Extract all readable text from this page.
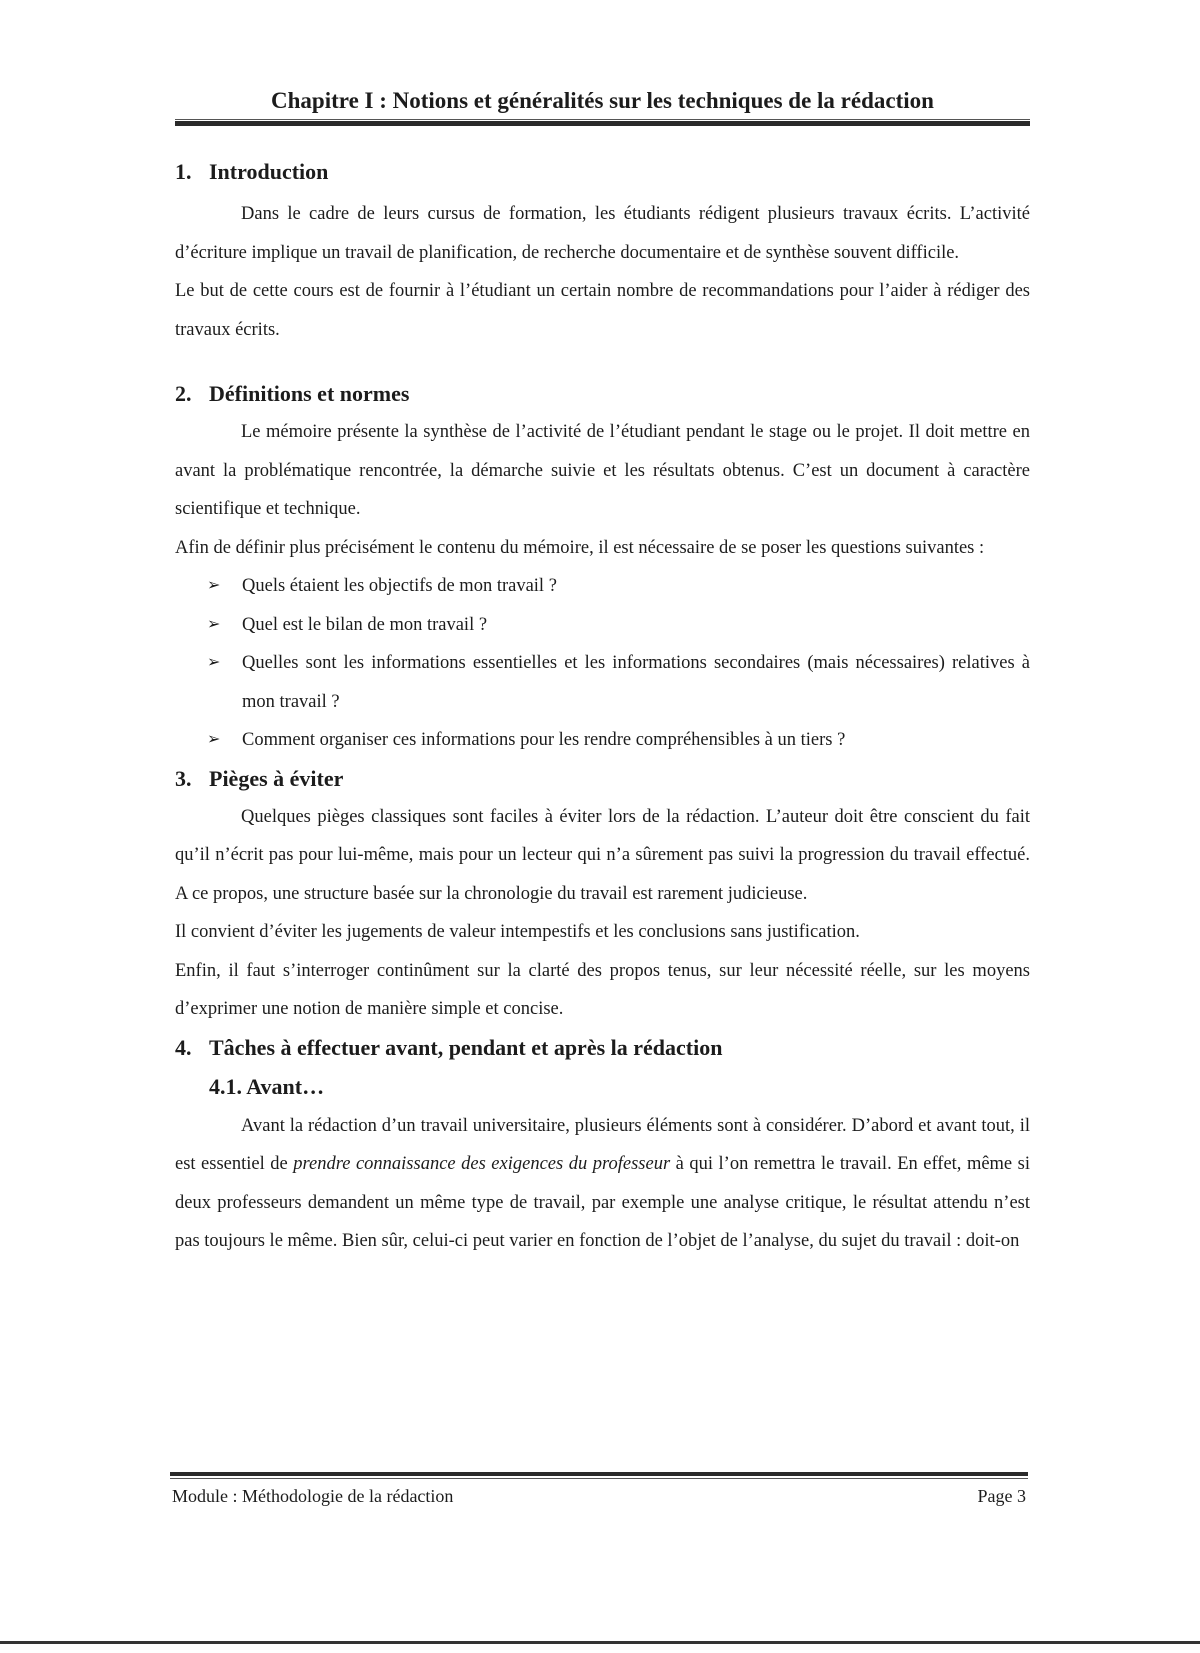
Chapitre I : Notions et généralités sur les techniques de la rédaction
1. Introduction

Dans le cadre de leurs cursus de formation, les étudiants rédigent plusieurs travaux écrits. L’activité d’écriture implique un travail de planification, de recherche documentaire et de synthèse souvent difficile.

Le but de cette cours est de fournir à l’étudiant un certain nombre de recommandations pour l’aider à rédiger des travaux écrits.

2. Définitions et normes

Le mémoire présente la synthèse de l’activité de l’étudiant pendant le stage ou le projet. Il doit mettre en avant la problématique rencontrée, la démarche suivie et les résultats obtenus. C’est un document à caractère scientifique et technique.

Afin de définir plus précisément le contenu du mémoire, il est nécessaire de se poser les questions suivantes :

➢ Quels étaient les objectifs de mon travail ?
➢ Quel est le bilan de mon travail ?
➢ Quelles sont les informations essentielles et les informations secondaires (mais nécessaires) relatives à mon travail ?
➢ Comment organiser ces informations pour les rendre compréhensibles à un tiers ?
3. Pièges à éviter

Quelques pièges classiques sont faciles à éviter lors de la rédaction. L’auteur doit être conscient du fait qu’il n’écrit pas pour lui-même, mais pour un lecteur qui n’a sûrement pas suivi la progression du travail effectué. A ce propos, une structure basée sur la chronologie du travail est rarement judicieuse.

Il convient d’éviter les jugements de valeur intempestifs et les conclusions sans justification.

Enfin, il faut s’interroger continûment sur la clarté des propos tenus, sur leur nécessité réelle, sur les moyens d’exprimer une notion de manière simple et concise.

4. Tâches à effectuer avant, pendant et après la rédaction
4.1. Avant…

Avant la rédaction d’un travail universitaire, plusieurs éléments sont à considérer. D’abord et avant tout, il est essentiel de prendre connaissance des exigences du professeur à qui l’on remettra le travail. En effet, même si deux professeurs demandent un même type de travail, par exemple une analyse critique, le résultat attendu n’est pas toujours le même. Bien sûr, celui-ci peut varier en fonction de l’objet de l’analyse, du sujet du travail : doit-on

Module : Méthodologie de la rédaction	Page 3
